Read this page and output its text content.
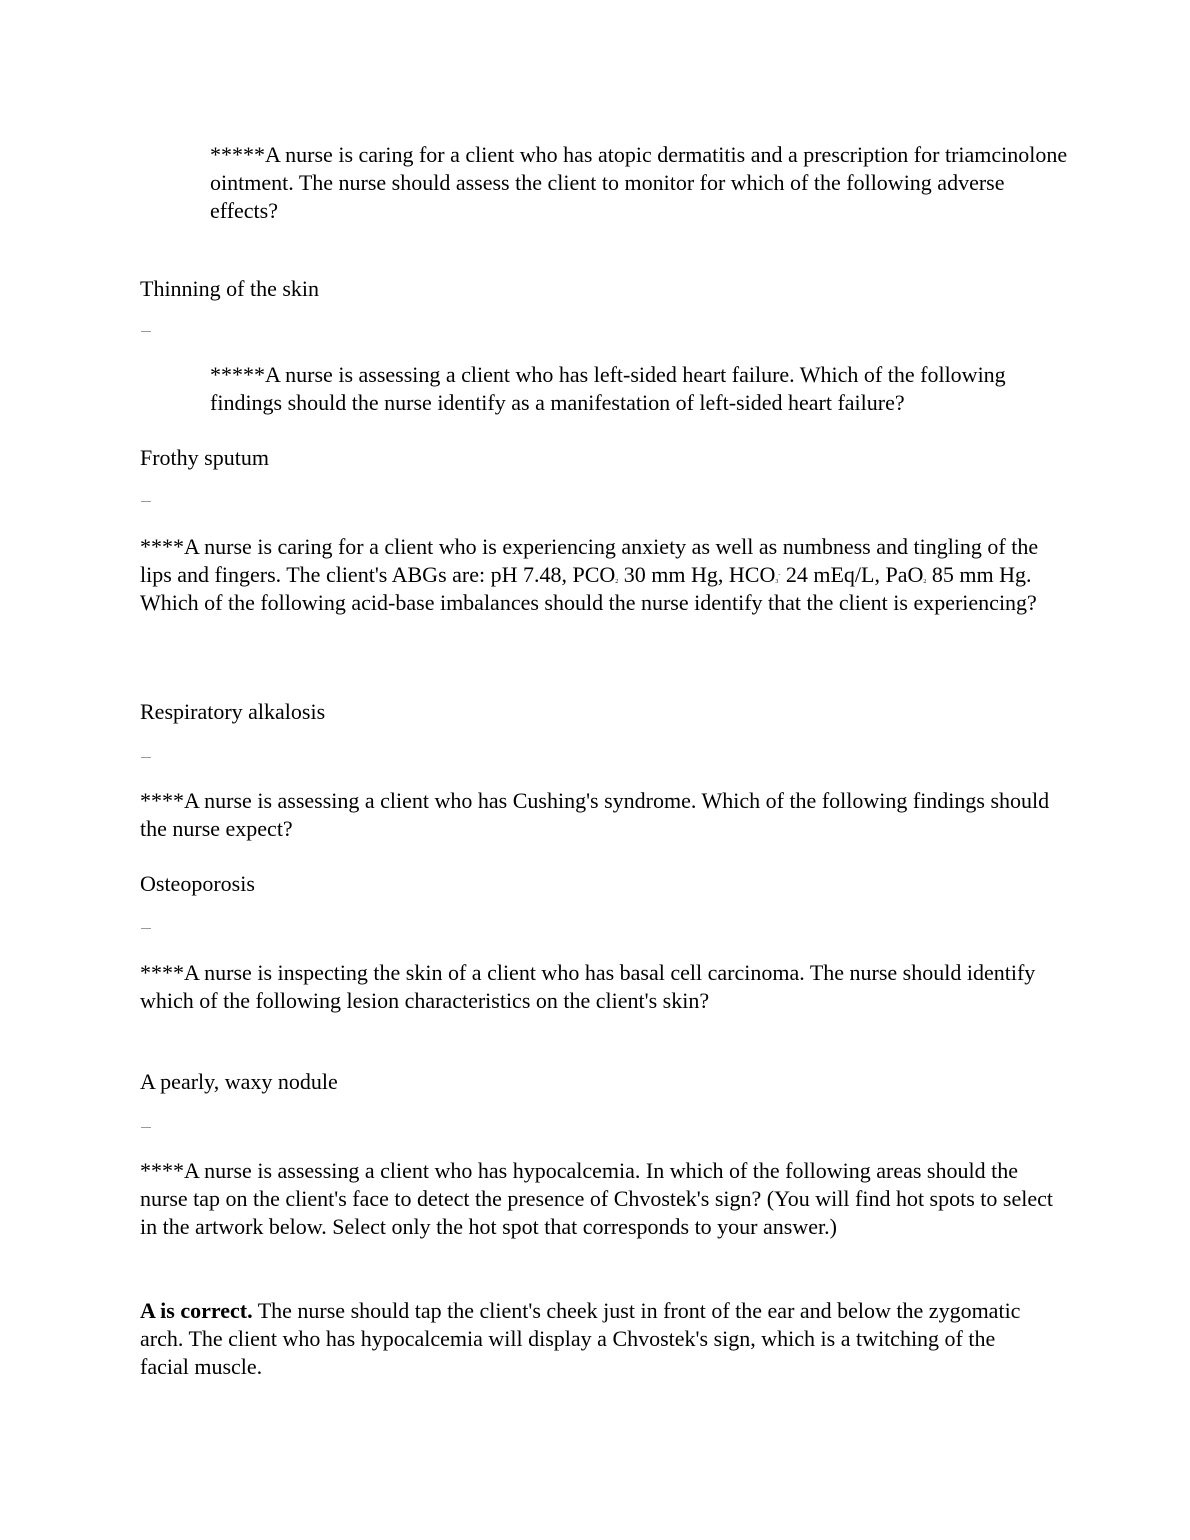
*****A nurse is caring for a client who has atopic dermatitis and a prescription for triamcinolone ointment. The nurse should assess the client to monitor for which of the following adverse effects?

Thinning of the skin

*****A nurse is assessing a client who has left-sided heart failure. Which of the following findings should the nurse identify as a manifestation of left-sided heart failure?

Frothy sputum

****A nurse is caring for a client who is experiencing anxiety as well as numbness and tingling of the lips and fingers. The client's ABGs are: pH 7.48, $PCO_2$ 30 mm Hg, $HCO_3^-$ 24 mEq/L, PaO$_2$ 85 mm Hg. Which of the following acid-base imbalances should the nurse identify that the client is experiencing?

Respiratory alkalosis

****A nurse is assessing a client who has Cushing's syndrome. Which of the following findings should the nurse expect?

Osteoporosis

****A nurse is inspecting the skin of a client who has basal cell carcinoma. The nurse should identify which of the following lesion characteristics on the client's skin?

A pearly, waxy nodule

****A nurse is assessing a client who has hypocalcemia. In which of the following areas should the nurse tap on the client's face to detect the presence of Chvostek's sign? (You will find hot spots to select in the artwork below. Select only the hot spot that corresponds to your answer.)

A is correct. The nurse should tap the client's cheek just in front of the ear and below the zygomatic arch. The client who has hypocalcemia will display a Chvostek's sign, which is a twitching of the facial muscle.
